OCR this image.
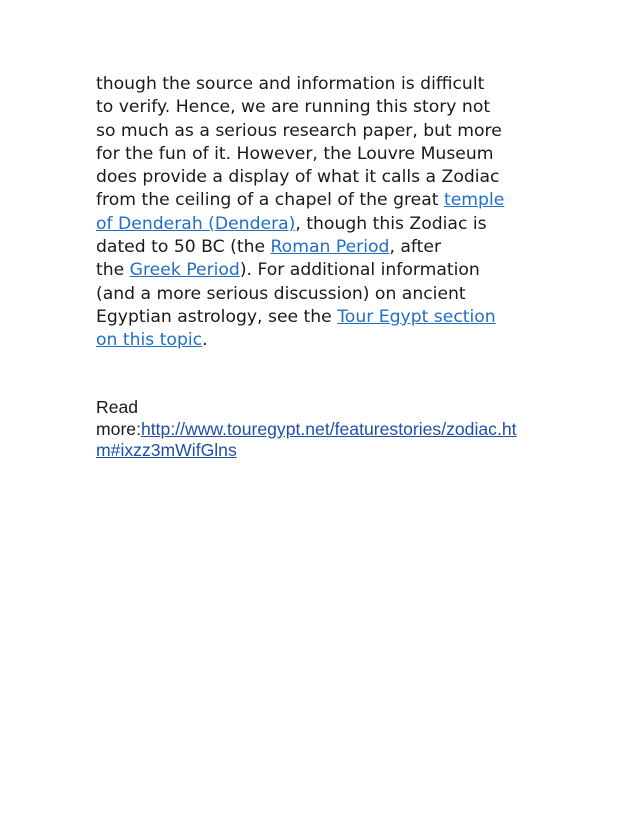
though the source and information is difficult
to verify. Hence, we are running this story not
so much as a serious research paper, but more
for the fun of it. However, the Louvre Museum
does provide a display of what it calls a Zodiac
from the ceiling of a chapel of the great temple
of Denderah (Dendera), though this Zodiac is
dated to 50 BC (the Roman Period, after
the Greek Period). For additional information
(and a more serious discussion) on ancient
Egyptian astrology, see the Tour Egypt section
on this topic.
Read
more:http://www.touregypt.net/featurestories/zodiac.ht
m#ixzz3mWifGlns
